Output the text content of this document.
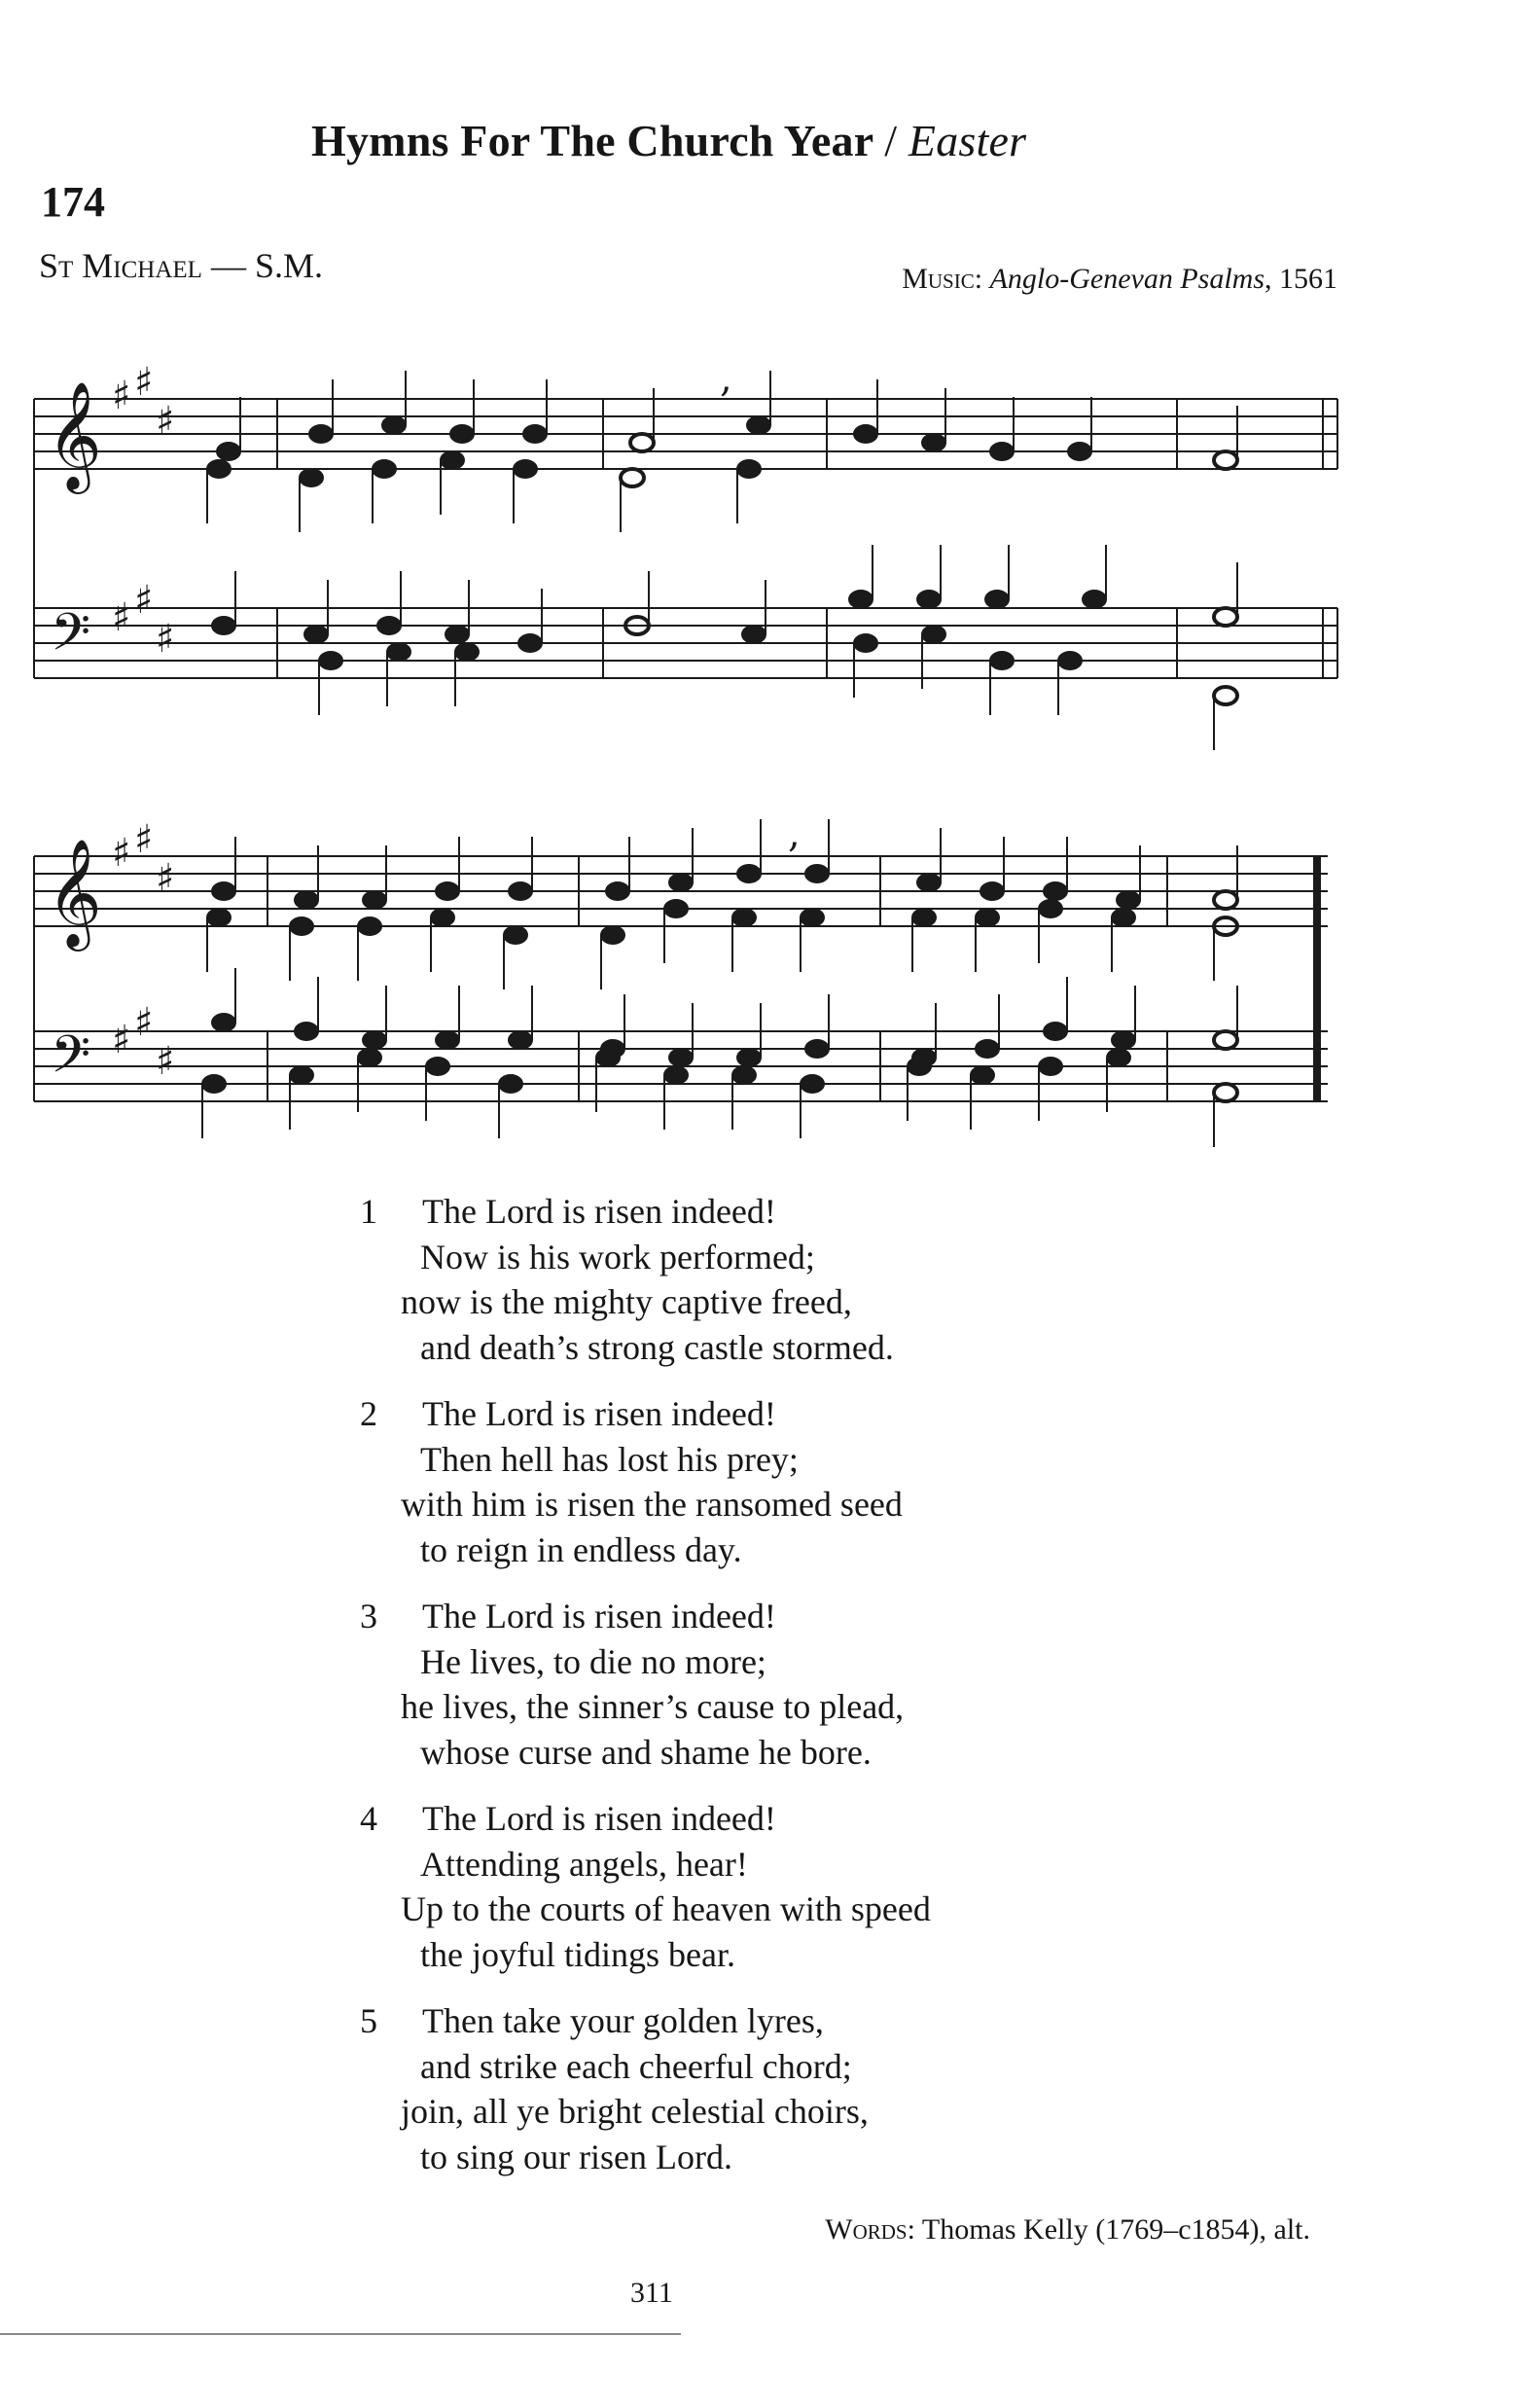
Hymns For The Church Year / Easter
174
St Michael — S.M.	Music: Anglo-Genevan Psalms, 1561
𝄞
𝄢
𝄞
𝄢
♯ ♯
♯
♯ ♯
♯
♯ ♯
♯
♯ ♯
♯
,
,
1	The Lord is risen indeed!
Now is his work performed;
now is the mighty captive freed,
and death’s strong castle stormed.
2	The Lord is risen indeed!
Then hell has lost his prey;
with him is risen the ransomed seed
to reign in endless day.
3	The Lord is risen indeed!
He lives, to die no more;
he lives, the sinner’s cause to plead,
whose curse and shame he bore.
4	The Lord is risen indeed!
Attending angels, hear!
Up to the courts of heaven with speed
the joyful tidings bear.
5	Then take your golden lyres,
and strike each cheerful chord;
join, all ye bright celestial choirs,
to sing our risen Lord.
Words: Thomas Kelly (1769–c1854), alt.
311
